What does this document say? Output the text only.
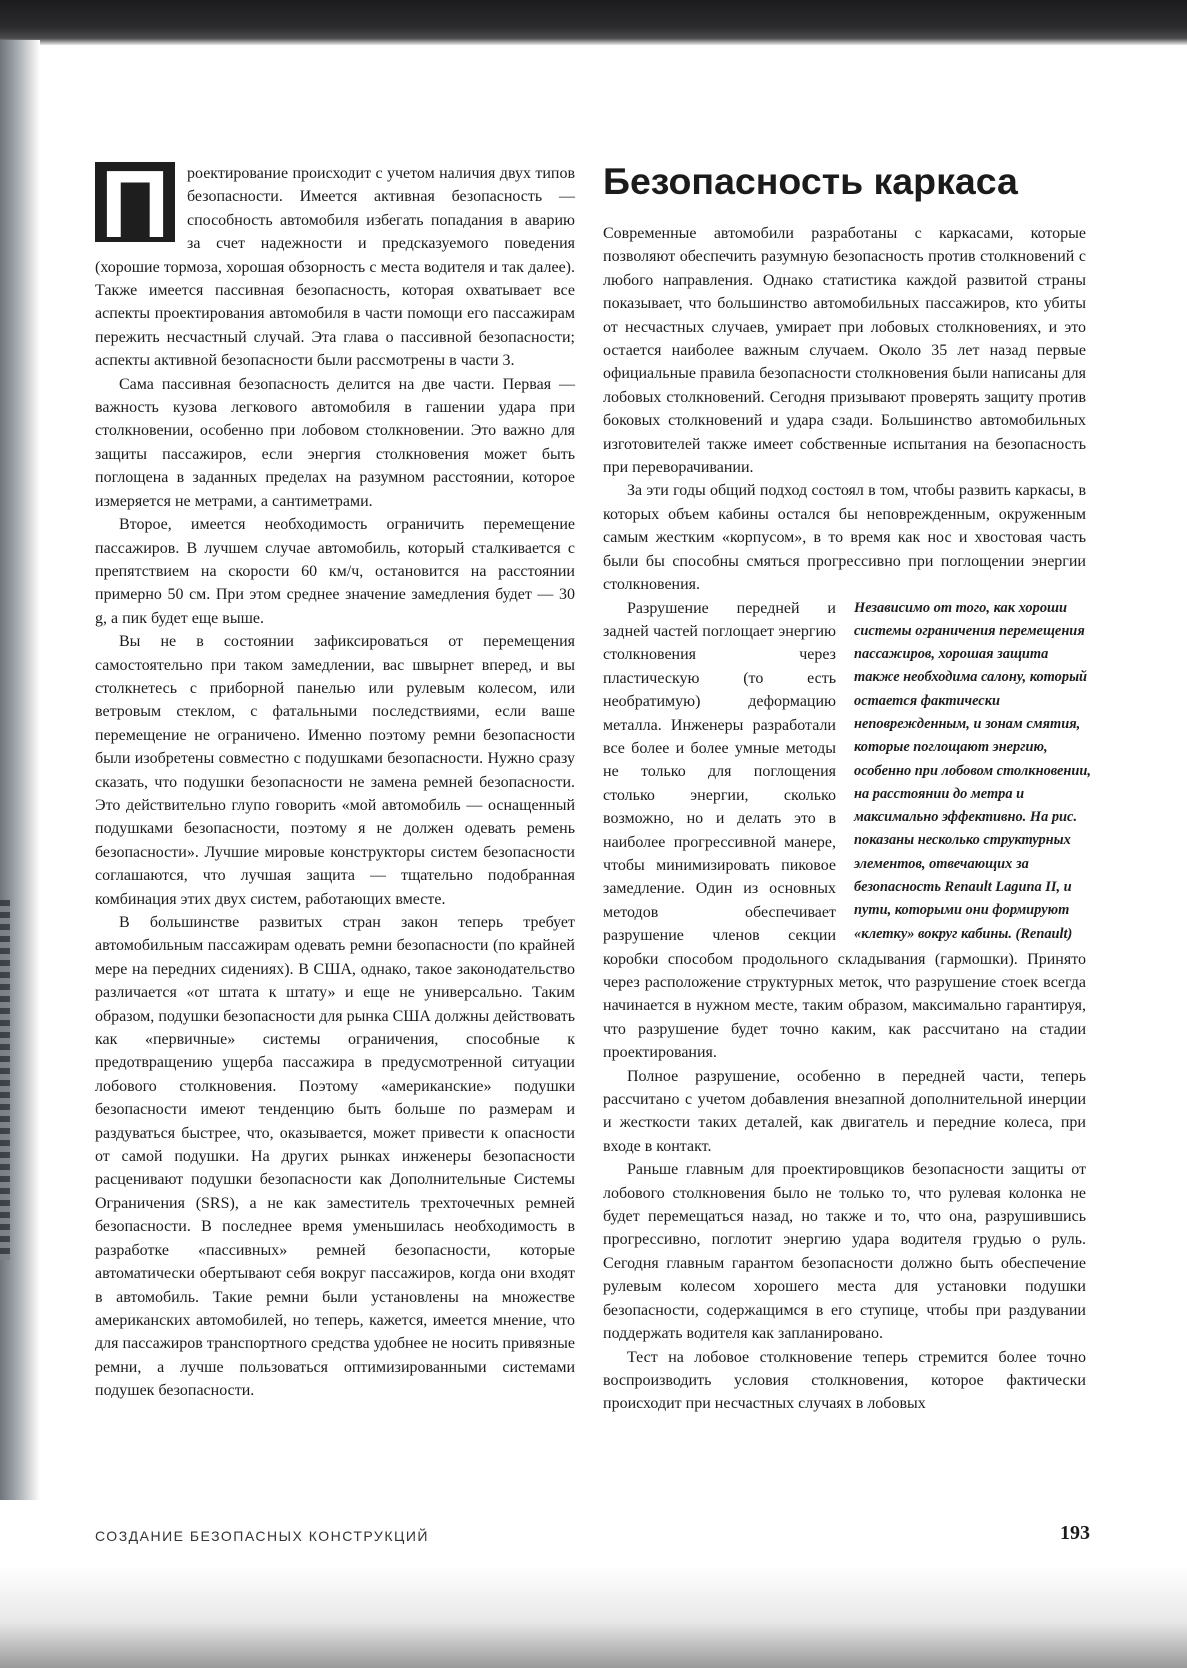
П	роектирование происходит с учетом наличия двух типов безопасности. Имеется активная безопасность — способность автомобиля избегать попадания в аварию за счет надежности и предсказуемого поведения (хорошие тормоза, хорошая обзорность с места водителя и так далее). Также имеется пассивная безопасность, которая охватывает все аспекты проектирования автомобиля в части помощи его пассажирам пережить несчастный случай. Эта глава о пассивной безопасности; аспекты активной безопасности были рассмотрены в части 3.

Сама пассивная безопасность делится на две части. Первая — важность кузова легкового автомобиля в гашении удара при столкновении, особенно при лобовом столкновении. Это важно для защиты пассажиров, если энергия столкновения может быть поглощена в заданных пределах на разумном расстоянии, которое измеряется не метрами, а сантиметрами.

Второе, имеется необходимость ограничить перемещение пассажиров. В лучшем случае автомобиль, который сталкивается с препятствием на скорости 60 км/ч, остановится на расстоянии примерно 50 см. При этом среднее значение замедления будет — 30 g, а пик будет еще выше.

Вы не в состоянии зафиксироваться от перемещения самостоятельно при таком замедлении, вас швырнет вперед, и вы столкнетесь с приборной панелью или рулевым колесом, или ветровым стеклом, с фатальными последствиями, если ваше перемещение не ограничено. Именно поэтому ремни безопасности были изобретены совместно с подушками безопасности. Нужно сразу сказать, что подушки безопасности не замена ремней безопасности. Это действительно глупо говорить «мой автомобиль — оснащенный подушками безопасности, поэтому я не должен одевать ремень безопасности». Лучшие мировые конструкторы систем безопасности соглашаются, что лучшая защита — тщательно подобранная комбинация этих двух систем, работающих вместе.

В большинстве развитых стран закон теперь требует автомобильным пассажирам одевать ремни безопасности (по крайней мере на передних сидениях). В США, однако, такое законодательство различается «от штата к штату» и еще не универсально. Таким образом, подушки безопасности для рынка США должны действовать как «первичные» системы ограничения, способные к предотвращению ущерба пассажира в предусмотренной ситуации лобового столкновения. Поэтому «американские» подушки безопасности имеют тенденцию быть больше по размерам и раздуваться быстрее, что, оказывается, может привести к опасности от самой подушки. На других рынках инженеры безопасности расценивают подушки безопасности как Дополнительные Системы Ограничения (SRS), а не как заместитель трехточечных ремней безопасности. В последнее время уменьшилась необходимость в разработке «пассивных» ремней безопасности, которые автоматически обертывают себя вокруг пассажиров, когда они входят в автомобиль. Такие ремни были установлены на множестве американских автомобилей, но теперь, кажется, имеется мнение, что для пассажиров транспортного средства удобнее не носить привязные ремни, а лучше пользоваться оптимизированными системами подушек безопасности.

Безопасность каркаса

Современные автомобили разработаны с каркасами, которые позволяют обеспечить разумную безопасность против столкновений с любого направления. Однако статистика каждой развитой страны показывает, что большинство автомобильных пассажиров, кто убиты от несчастных случаев, умирает при лобовых столкновениях, и это остается наиболее важным случаем. Около 35 лет назад первые официальные правила безопасности столкновения были написаны для лобовых столкновений. Сегодня призывают проверять защиту против боковых столкновений и удара сзади. Большинство автомобильных изготовителей также имеет собственные испытания на безопасность при переворачивании.

За эти годы общий подход состоял в том, чтобы развить каркасы, в которых объем кабины остался бы неповрежденным, окруженным самым жестким «корпусом», в то время как нос и хвостовая часть были бы способны смяться прогрессивно при поглощении энергии столкновения.

Независимо от того, как хороши системы ограничения перемещения пассажиров, хорошая защита также необходима салону, который остается фактически неповрежденным, и зонам смятия, которые поглощают энергию, особенно при лобовом столкновении, на расстоянии до метра и максимально эффективно. На рис. показаны несколько структурных элементов, отвечающих за безопасность Renault Laguna II, и пути, которыми они формируют «клетку» вокруг кабины. (Renault)
Разрушение передней и задней частей поглощает энергию столкновения через пластическую (то есть необратимую) деформацию металла. Инженеры разработали все более и более умные методы не только для поглощения столько энергии, сколько возможно, но и делать это в наиболее прогрессивной манере, чтобы минимизировать пиковое замедление. Один из основных методов обеспечивает разрушение членов секции коробки способом продольного складывания (гармошки). Принято через расположение структурных меток, что разрушение стоек всегда начинается в нужном месте, таким образом, максимально гарантируя, что разрушение будет точно каким, как рассчитано на стадии проектирования.

Полное разрушение, особенно в передней части, теперь рассчитано с учетом добавления внезапной дополнительной инерции и жесткости таких деталей, как двигатель и передние колеса, при входе в контакт.

Раньше главным для проектировщиков безопасности защиты от лобового столкновения было не только то, что рулевая колонка не будет перемещаться назад, но также и то, что она, разрушившись прогрессивно, поглотит энергию удара водителя грудью о руль. Сегодня главным гарантом безопасности должно быть обеспечение рулевым колесом хорошего места для установки подушки безопасности, содержащимся в его ступице, чтобы при раздувании поддержать водителя как запланировано.

Тест на лобовое столкновение теперь стремится более точно воспроизводить условия столкновения, которое фактически происходит при несчастных случаях в лобовых

СОЗДАНИЕ БЕЗОПАСНЫХ КОНСТРУКЦИЙ	193
